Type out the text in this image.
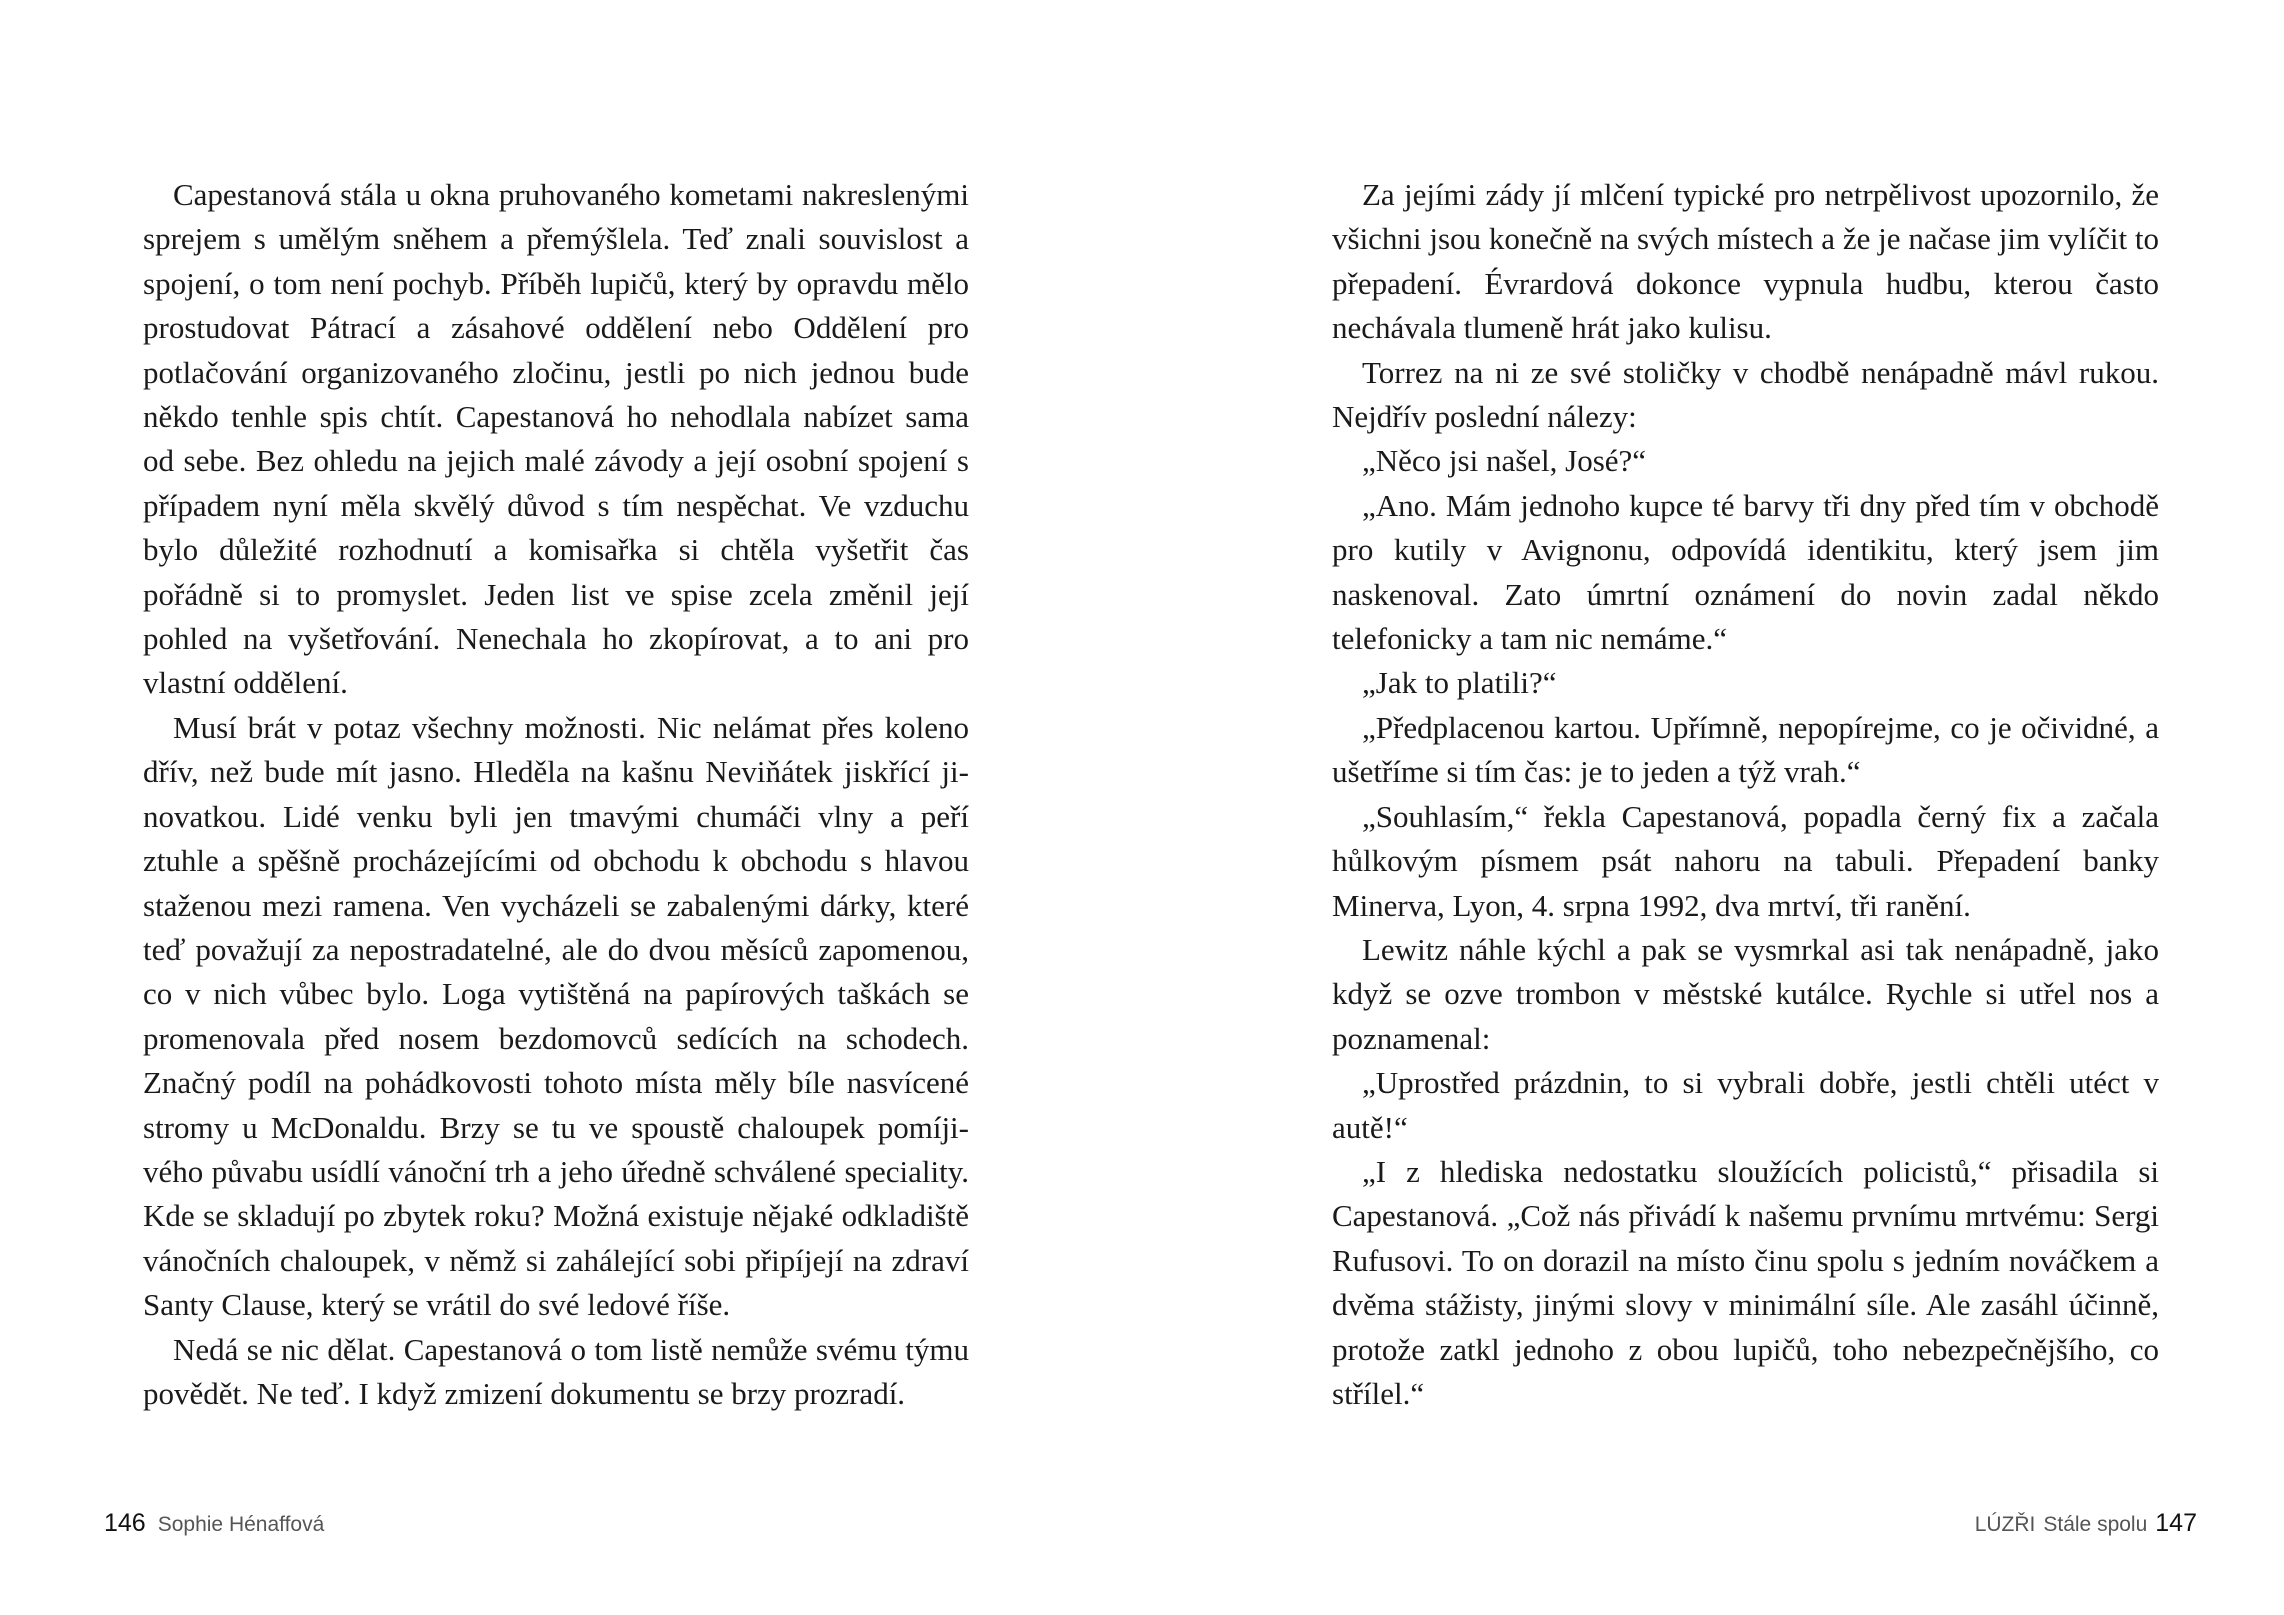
Capestanová stála u okna pruhovaného kometami nakreslenými sprejem s umělým sněhem a přemýšlela. Teď znali souvislost a spojení, o tom není pochyb. Příběh lupičů, který by opravdu mělo prostudovat Pátrací a zásahové oddělení nebo Oddělení pro potlačování organizovaného zločinu, jestli po nich jednou bude někdo tenhle spis chtít. Capestanová ho nehodlala nabízet sama od sebe. Bez ohledu na jejich malé závody a její osobní spojení s případem nyní měla skvělý důvod s tím nespěchat. Ve vzduchu bylo důležité rozhodnutí a komisařka si chtěla vyšetřit čas pořádně si to promyslet. Jeden list ve spise zcela změnil její pohled na vyšetřování. Nenechala ho zkopírovat, a to ani pro vlastní oddělení.

Musí brát v potaz všechny možnosti. Nic nelámat přes koleno dřív, než bude mít jasno. Hleděla na kašnu Neviňátek jiskřící jinovatkou. Lidé venku byli jen tmavými chumáči vlny a peří ztuhle a spěšně procházejícími od obchodu k obchodu s hlavou staženou mezi ramena. Ven vycházeli se zabalenými dárky, které teď považují za nepostradatelné, ale do dvou měsíců zapomenou, co v nich vůbec bylo. Loga vytištěná na papírových taškách se promenovala před nosem bezdomovců sedících na schodech. Značný podíl na pohádkovosti tohoto místa měly bíle nasvícené stromy u McDonaldu. Brzy se tu ve spoustě chaloupek pomíjivého půvabu usídlí vánoční trh a jeho úředně schválené speciality. Kde se skladují po zbytek roku? Možná existuje nějaké odkladiště vánočních chaloupek, v němž si zahálející sobi připíjejí na zdraví Santy Clause, který se vrátil do své ledové říše.

Nedá se nic dělat. Capestanová o tom listě nemůže svému týmu povědět. Ne teď. I když zmizení dokumentu se brzy prozradí.

Za jejími zády jí mlčení typické pro netrpělivost upozornilo, že všichni jsou konečně na svých místech a že je načase jim vylíčit to přepadení. Évrardová dokonce vypnula hudbu, kterou často nechávala tlumeně hrát jako kulisu.

Torrez na ni ze své stoličky v chodbě nenápadně mávl rukou. Nejdřív poslední nálezy:

„Něco jsi našel, José?“

„Ano. Mám jednoho kupce té barvy tři dny před tím v obchodě pro kutily v Avignonu, odpovídá identikitu, který jsem jim naskenoval. Zato úmrtní oznámení do novin zadal někdo telefonicky a tam nic nemáme.“

„Jak to platili?“

„Předplacenou kartou. Upřímně, nepopírejme, co je očividné, a ušetříme si tím čas: je to jeden a týž vrah.“

„Souhlasím,“ řekla Capestanová, popadla černý fix a začala hůlkovým písmem psát nahoru na tabuli. Přepadení banky Minerva, Lyon, 4. srpna 1992, dva mrtví, tři ranění.

Lewitz náhle kýchl a pak se vysmrkal asi tak nenápadně, jako když se ozve trombon v městské kutálce. Rychle si utřel nos a poznamenal:

„Uprostřed prázdnin, to si vybrali dobře, jestli chtěli utéct v autě!“

„I z hlediska nedostatku sloužících policistů,“ přisadila si Capestanová. „Což nás přivádí k našemu prvnímu mrtvému: Sergi Rufusovi. To on dorazil na místo činu spolu s jedním nováčkem a dvěma stážisty, jinými slovy v minimální síle. Ale zasáhl účinně, protože zatkl jednoho z obou lupičů, toho nebezpečnějšího, co střílel.“

146 Sophie Hénaffová	LÚZŘI Stále spolu 147
